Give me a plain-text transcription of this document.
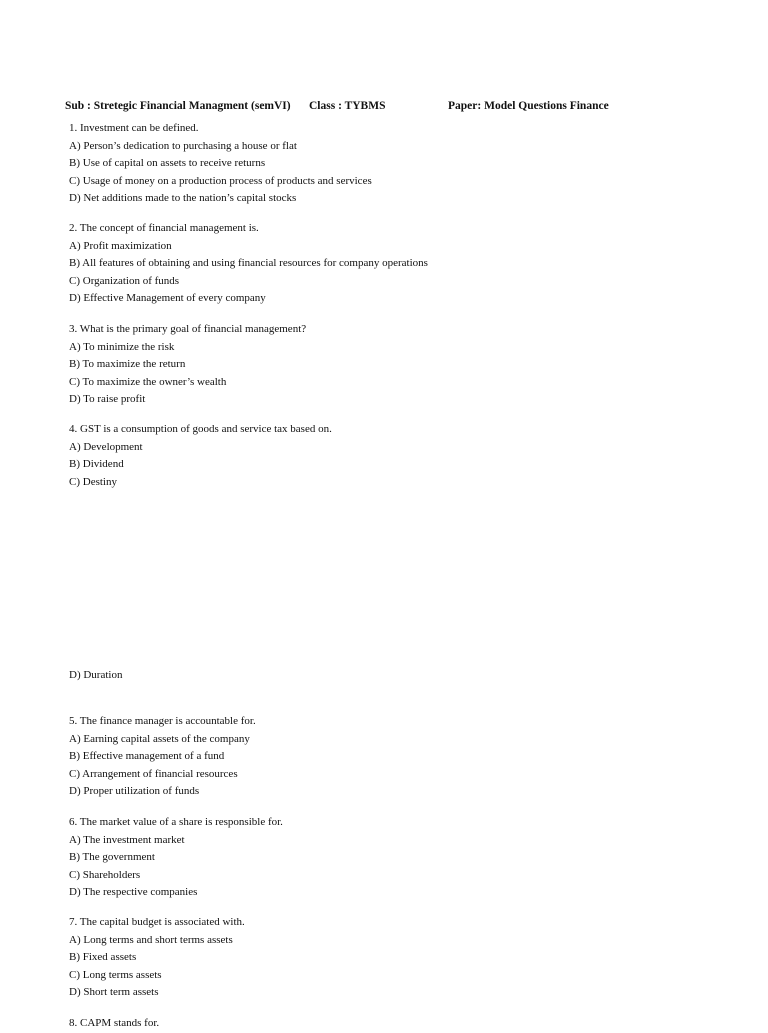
Sub : Stretegic Financial Managment (semVI) Class : TYBMS	Paper: Model Questions Finance
1. Investment can be defined.
A) Person’s dedication to purchasing a house or flat
B) Use of capital on assets to receive returns
C) Usage of money on a production process of products and services
D) Net additions made to the nation’s capital stocks
2. The concept of financial management is.
A) Profit maximization
B) All features of obtaining and using financial resources for company operations
C) Organization of funds
D) Effective Management of every company
3. What is the primary goal of financial management?
A) To minimize the risk
B) To maximize the return
C) To maximize the owner’s wealth
D) To raise profit
4. GST is a consumption of goods and service tax based on.
A) Development
B) Dividend
C) Destiny
D) Duration
5. The finance manager is accountable for.
A) Earning capital assets of the company
B) Effective management of a fund
C) Arrangement of financial resources
D) Proper utilization of funds
6. The market value of a share is responsible for.
A) The investment market
B) The government
C) Shareholders
D) The respective companies
7. The capital budget is associated with.
A) Long terms and short terms assets
B) Fixed assets
C) Long terms assets
D) Short term assets
8. CAPM stands for.
